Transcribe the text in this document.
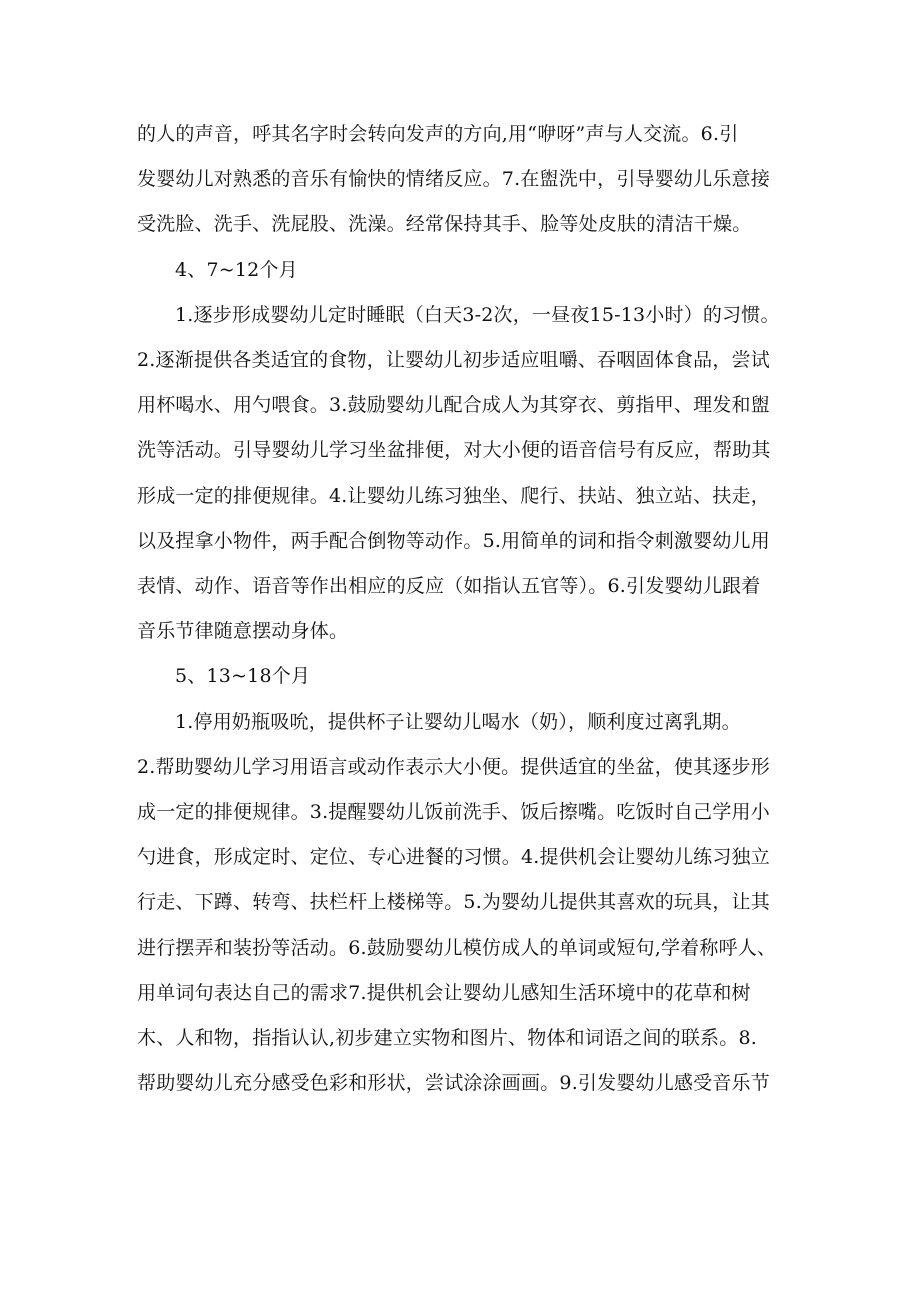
的人的声音，呼其名字时会转向发声的方向,用“咿呀”声与人交流。6.引
发婴幼儿对熟悉的音乐有愉快的情绪反应。7.在盥洗中，引导婴幼儿乐意接
受洗脸、洗手、洗屁股、洗澡。经常保持其手、脸等处皮肤的清洁干燥。
4、7~12个月
1.逐步形成婴幼儿定时睡眠（白天3-2次，一昼夜15-13小时）的习惯。
2.逐渐提供各类适宜的食物，让婴幼儿初步适应咀嚼、吞咽固体食品，尝试
用杯喝水、用勺喂食。3.鼓励婴幼儿配合成人为其穿衣、剪指甲、理发和盥
洗等活动。引导婴幼儿学习坐盆排便，对大小便的语音信号有反应，帮助其
形成一定的排便规律。4.让婴幼儿练习独坐、爬行、扶站、独立站、扶走，
以及捏拿小物件，两手配合倒物等动作。5.用简单的词和指令刺激婴幼儿用
表情、动作、语音等作出相应的反应（如指认五官等）。6.引发婴幼儿跟着
音乐节律随意摆动身体。
5、13~18个月
1.停用奶瓶吸吮，提供杯子让婴幼儿喝水（奶），顺利度过离乳期。
2.帮助婴幼儿学习用语言或动作表示大小便。提供适宜的坐盆，使其逐步形
成一定的排便规律。3.提醒婴幼儿饭前洗手、饭后擦嘴。吃饭时自己学用小
勺进食，形成定时、定位、专心进餐的习惯。4.提供机会让婴幼儿练习独立
行走、下蹲、转弯、扶栏杆上楼梯等。5.为婴幼儿提供其喜欢的玩具，让其
进行摆弄和装扮等活动。6.鼓励婴幼儿模仿成人的单词或短句,学着称呼人、
用单词句表达自己的需求7.提供机会让婴幼儿感知生活环境中的花草和树
木、人和物，指指认认,初步建立实物和图片、物体和词语之间的联系。8.
帮助婴幼儿充分感受色彩和形状，尝试涂涂画画。9.引发婴幼儿感受音乐节
